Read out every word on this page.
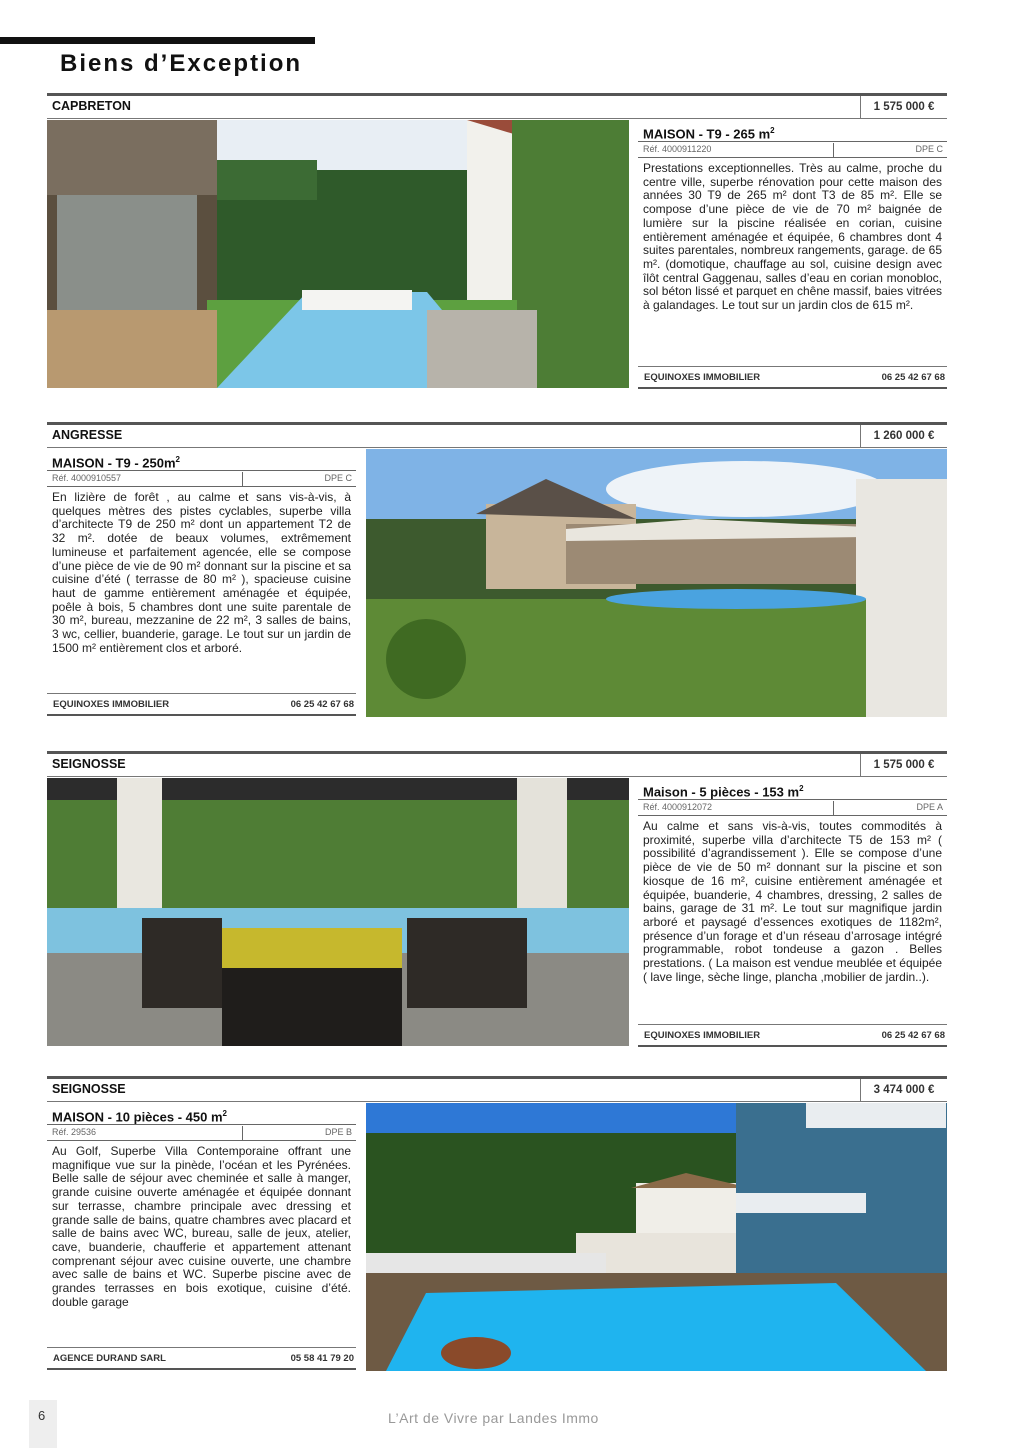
Biens d’Exception
CAPBRETON	1 575 000 €
MAISON - T9 - 265 $m^2$
Réf. 4000911220	DPE C
Prestations exceptionnelles. Très au calme, proche du centre ville, superbe rénovation pour cette maison des années 30 T9 de 265 m² dont T3 de 85 m². Elle se compose d’une pièce de vie de 70 m² baignée de lumière sur la piscine réalisée en corian, cuisine entièrement aménagée et équipée, 6 chambres dont 4 suites parentales, nombreux rangements, garage. de 65 m². (domotique, chauffage au sol, cuisine design avec îlôt central Gaggenau, salles d’eau en corian monobloc, sol béton lissé et parquet en chêne massif, baies vitrées à galandages. Le tout sur un jardin clos de 615 m².
EQUINOXES IMMOBILIER	06 25 42 67 68
ANGRESSE	1 260 000 €
MAISON - $T9 - 250m^2$
Réf. 4000910557	DPE C
En lizière de forêt , au calme et sans vis-à-vis, à quelques mètres des pistes cyclables, superbe villa d’architecte T9 de 250 m² dont un appartement T2 de 32 m². dotée de beaux volumes, extrêmement lumineuse et parfaitement agencée, elle se compose d’une pièce de vie de 90 m² donnant sur la piscine et sa cuisine d’été ( terrasse de 80 m² ), spacieuse cuisine haut de gamme entièrement aménagée et équipée, poêle à bois, 5 chambres dont une suite parentale de 30 m², bureau, mezzanine de 22 m², 3 salles de bains, 3 wc, cellier, buanderie, garage. Le tout sur un jardin de 1500 m² entièrement clos et arboré.
EQUINOXES IMMOBILIER	06 25 42 67 68
SEIGNOSSE	1 575 000 €
Maison - 5 pièces - 153 $m^2$
Réf. 4000912072	DPE A
Au calme et sans vis-à-vis, toutes commodités à proximité, superbe villa d’architecte T5 de 153 m² ( possibilité d’agrandissement ). Elle se compose d’une pièce de vie de 50 m² donnant sur la piscine et son kiosque de 16 m², cuisine entièrement aménagée et équipée, buanderie, 4 chambres, dressing, 2 salles de bains, garage de 31 m². Le tout sur magnifique jardin arboré et paysagé d’essences exotiques de 1182m², présence d’un forage et d’un réseau d’arrosage intégré programmable, robot tondeuse a gazon . Belles prestations. ( La maison est vendue meublée et équipée ( lave linge, sèche linge, plancha ,mobilier de jardin..).
EQUINOXES IMMOBILIER	06 25 42 67 68
SEIGNOSSE	3 474 000 €
MAISON - 10 pièces - 450 $m^2$
Réf. 29536	DPE B
Au Golf, Superbe Villa Contemporaine offrant une magnifique vue sur la pinède, l’océan et les Pyrénées. Belle salle de séjour avec cheminée et salle à manger, grande cuisine ouverte aménagée et équipée donnant sur terrasse, chambre principale avec dressing et grande salle de bains, quatre chambres avec placard et salle de bains avec WC, bureau, salle de jeux, atelier, cave, buanderie, chaufferie et appartement attenant comprenant séjour avec cuisine ouverte, une chambre avec salle de bains et WC. Superbe piscine avec de grandes terrasses en bois exotique, cuisine d’été. double garage
AGENCE DURAND SARL	05 58 41 79 20
6	L’Art de Vivre par Landes Immo
